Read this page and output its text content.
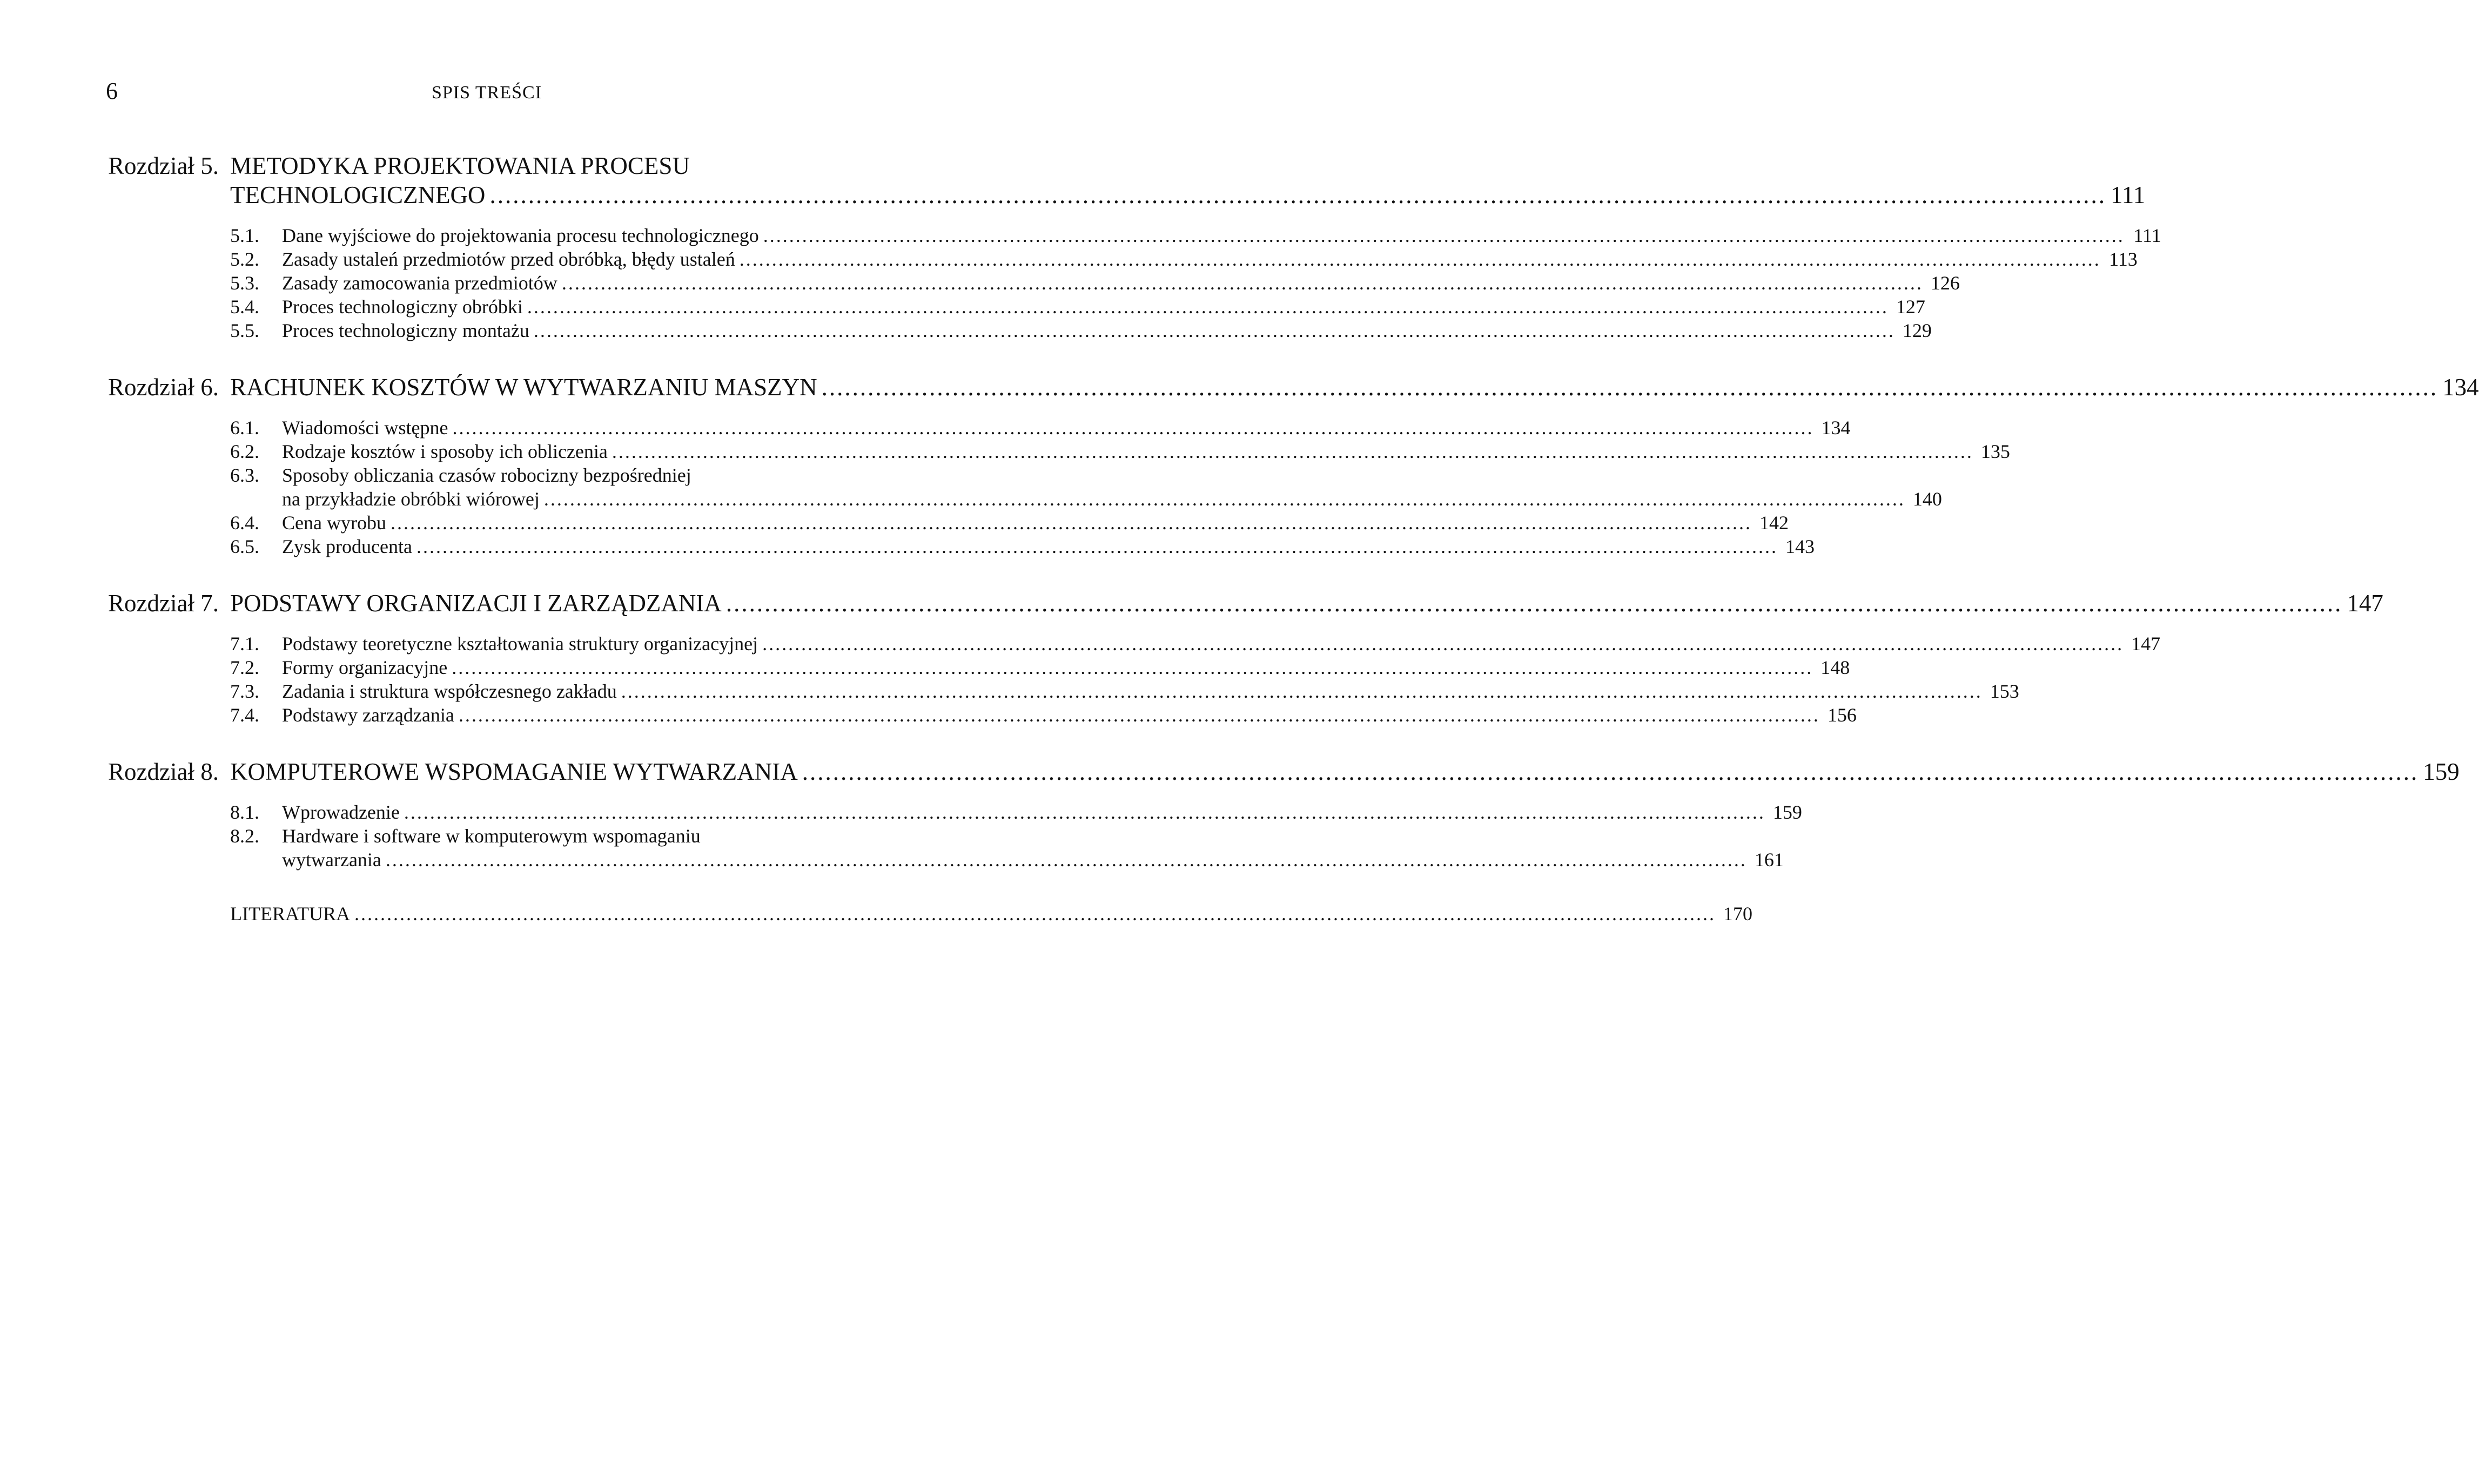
6	SPIS TREŚCI
Rozdział 5. METODYKA PROJEKTOWANIA PROCESU
TECHNOLOGICZNEGO .....	111
5.1.	Dane wyjściowe do projektowania procesu technologicznego .....	111
5.2.	Zasady ustaleń przedmiotów przed obróbką, błędy ustaleń .....	113
5.3.	Zasady zamocowania przedmiotów .....	126
5.4.	Proces technologiczny obróbki .....	127
5.5.	Proces technologiczny montażu .....	129
Rozdział 6. RACHUNEK KOSZTÓW W WYTWARZANIU MASZYN .....	134
6.1.	Wiadomości wstępne .....	134
6.2.	Rodzaje kosztów i sposoby ich obliczenia .....	135
6.3.	Sposoby obliczania czasów robocizny bezpośredniej
na przykładzie obróbki wiórowej .....	140
6.4.	Cena wyrobu .....	142
6.5.	Zysk producenta .....	143
Rozdział 7. PODSTAWY ORGANIZACJI I ZARZĄDZANIA .....	147
7.1.	Podstawy teoretyczne kształtowania struktury organizacyjnej .....	147
7.2.	Formy organizacyjne .....	148
7.3.	Zadania i struktura współczesnego zakładu .....	153
7.4.	Podstawy zarządzania .....	156
Rozdział 8. KOMPUTEROWE WSPOMAGANIE WYTWARZANIA .....	159
8.1.	Wprowadzenie .....	159
8.2.	Hardware i software w komputerowym wspomaganiu
wytwarzania .....	161
LITERATURA .....	170
